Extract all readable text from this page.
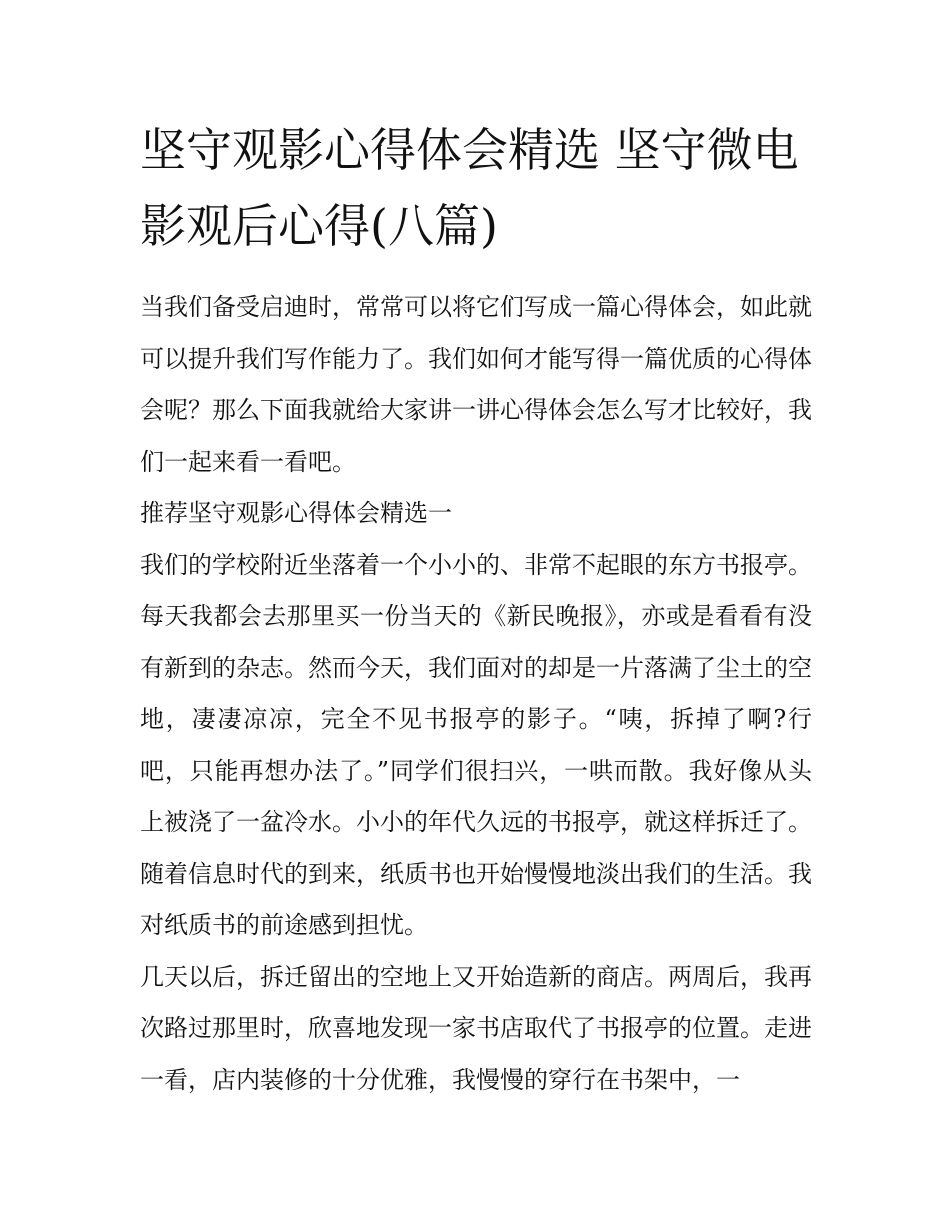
坚守观影心得体会精选 坚守微电影观后心得(八篇)

当我们备受启迪时，常常可以将它们写成一篇心得体会，如此就可以提升我们写作能力了。我们如何才能写得一篇优质的心得体会呢？那么下面我就给大家讲一讲心得体会怎么写才比较好，我们一起来看一看吧。

推荐坚守观影心得体会精选一

我们的学校附近坐落着一个小小的、非常不起眼的东方书报亭。每天我都会去那里买一份当天的《新民晚报》，亦或是看看有没有新到的杂志。然而今天，我们面对的却是一片落满了尘土的空地，凄凄凉凉，完全不见书报亭的影子。“咦，拆掉了啊?行吧，只能再想办法了。”同学们很扫兴，一哄而散。我好像从头上被浇了一盆冷水。小小的年代久远的书报亭，就这样拆迁了。随着信息时代的到来，纸质书也开始慢慢地淡出我们的生活。我对纸质书的前途感到担忧。

几天以后，拆迁留出的空地上又开始造新的商店。两周后，我再次路过那里时，欣喜地发现一家书店取代了书报亭的位置。走进一看，店内装修的十分优雅，我慢慢的穿行在书架中，一
